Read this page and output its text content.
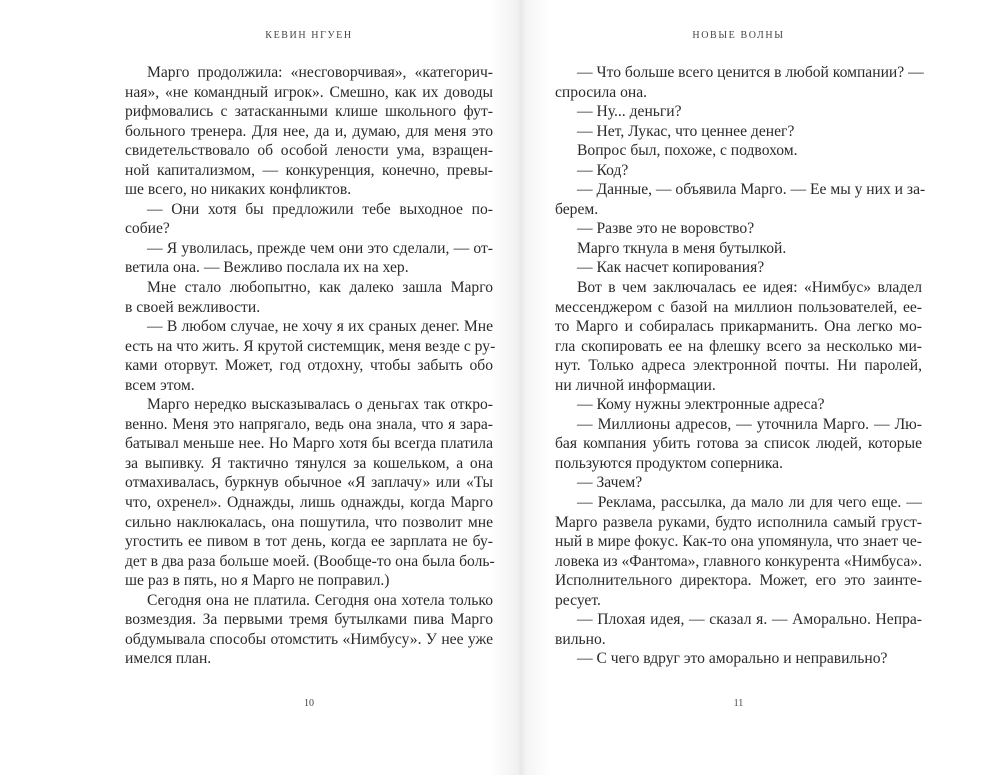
КЕВИН НГУЕН
Марго продолжила: «несговорчивая», «категорич-
ная», «не командный игрок». Смешно, как их доводы
рифмовались с затасканными клише школьного фут-
больного тренера. Для нее, да и, думаю, для меня это
свидетельствовало об особой лености ума, взращен-
ной капитализмом, — конкуренция, конечно, превы-
ше всего, но никаких конфликтов.
— Они хотя бы предложили тебе выходное по-
собие?
— Я уволилась, прежде чем они это сделали, — от-
ветила она. — Вежливо послала их на хер.
Мне стало любопытно, как далеко зашла Марго
в своей вежливости.
— В любом случае, не хочу я их сраных денег. Мне
есть на что жить. Я крутой системщик, меня везде с ру-
ками оторвут. Может, год отдохну, чтобы забыть обо
всем этом.
Марго нередко высказывалась о деньгах так откро-
венно. Меня это напрягало, ведь она знала, что я зара-
батывал меньше нее. Но Марго хотя бы всегда платила
за выпивку. Я тактично тянулся за кошельком, а она
отмахивалась, буркнув обычное «Я заплачу» или «Ты
что, охренел». Однажды, лишь однажды, когда Марго
сильно наклюкалась, она пошутила, что позволит мне
угостить ее пивом в тот день, когда ее зарплата не бу-
дет в два раза больше моей. (Вообще-то она была боль-
ше раз в пять, но я Марго не поправил.)
Сегодня она не платила. Сегодня она хотела только
возмездия. За первыми тремя бутылками пива Марго
обдумывала способы отомстить «Нимбусу». У нее уже
имелся план.
10
НОВЫЕ ВОЛНЫ
— Что больше всего ценится в любой компании? —
спросила она.
— Ну... деньги?
— Нет, Лукас, что ценнее денег?
Вопрос был, похоже, с подвохом.
— Код?
— Данные, — объявила Марго. — Ее мы у них и за-
берем.
— Разве это не воровство?
Марго ткнула в меня бутылкой.
— Как насчет копирования?
Вот в чем заключалась ее идея: «Нимбус» владел
мессенджером с базой на миллион пользователей, ее-
то Марго и собиралась прикарманить. Она легко мо-
гла скопировать ее на флешку всего за несколько ми-
нут. Только адреса электронной почты. Ни паролей,
ни личной информации.
— Кому нужны электронные адреса?
— Миллионы адресов, — уточнила Марго. — Лю-
бая компания убить готова за список людей, которые
пользуются продуктом соперника.
— Зачем?
— Реклама, рассылка, да мало ли для чего еще. —
Марго развела руками, будто исполнила самый груст-
ный в мире фокус. Как-то она упомянула, что знает че-
ловека из «Фантома», главного конкурента «Нимбуса».
Исполнительного директора. Может, его это заинте-
ресует.
— Плохая идея, — сказал я. — Аморально. Непра-
вильно.
— С чего вдруг это аморально и неправильно?
11
